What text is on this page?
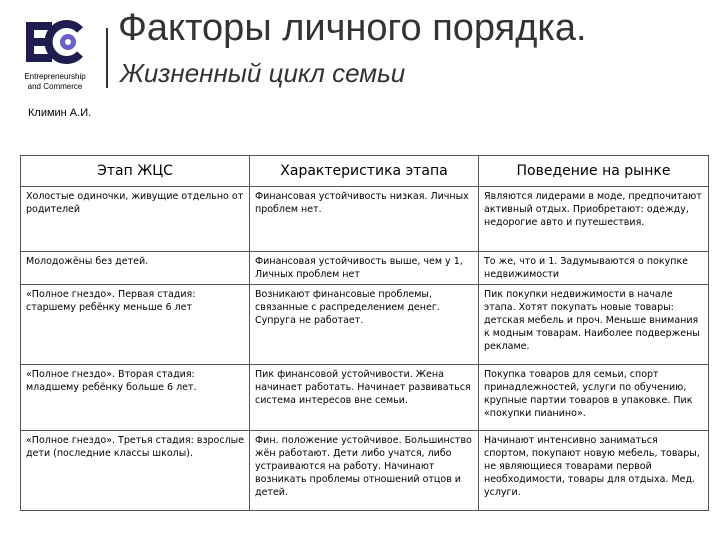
Entrepreneurship
and Commerce
Факторы личного порядка.
Жизненный цикл семьи
Климин А.И.
Этап ЖЦС	Характеристика этапа	Поведение на рынке
Холостые одиночки, живущие отдельно от родителей	Финансовая устойчивость низкая. Личных проблем нет.	Являются лидерами в моде, предпочитают активный отдых. Приобретают: одежду, недорогие авто и путешествия.
Молодожёны без детей.	Финансовая устойчивость выше, чем у 1, Личных проблем нет	То же, что и 1. Задумываются о покупке недвижимости
«Полное гнездо». Первая стадия: старшему ребёнку меньше 6 лет	Возникают финансовые проблемы, связанные с распределением денег. Супруга не работает.	Пик покупки недвижимости в начале этапа. Хотят покупать новые товары: детская мебель и проч. Меньше внимания к модным товарам. Наиболее подвержены рекламе.
«Полное гнездо». Вторая стадия: младшему ребёнку больше 6 лет.	Пик финансовой устойчивости. Жена начинает работать. Начинает развиваться система интересов вне семьи.	Покупка товаров для семьи, спорт принадлежностей, услуги по обучению, крупные партии товаров в упаковке. Пик «покупки пианино».
«Полное гнездо». Третья стадия: взрослые дети (последние классы школы).	Фин. положение устойчивое. Большинство жён работают. Дети либо учатся, либо устраиваются на работу. Начинают возникать проблемы отношений отцов и детей.	Начинают интенсивно заниматься спортом, покупают новую мебель, товары, не являющиеся товарами первой необходимости, товары для отдыха. Мед. услуги.
